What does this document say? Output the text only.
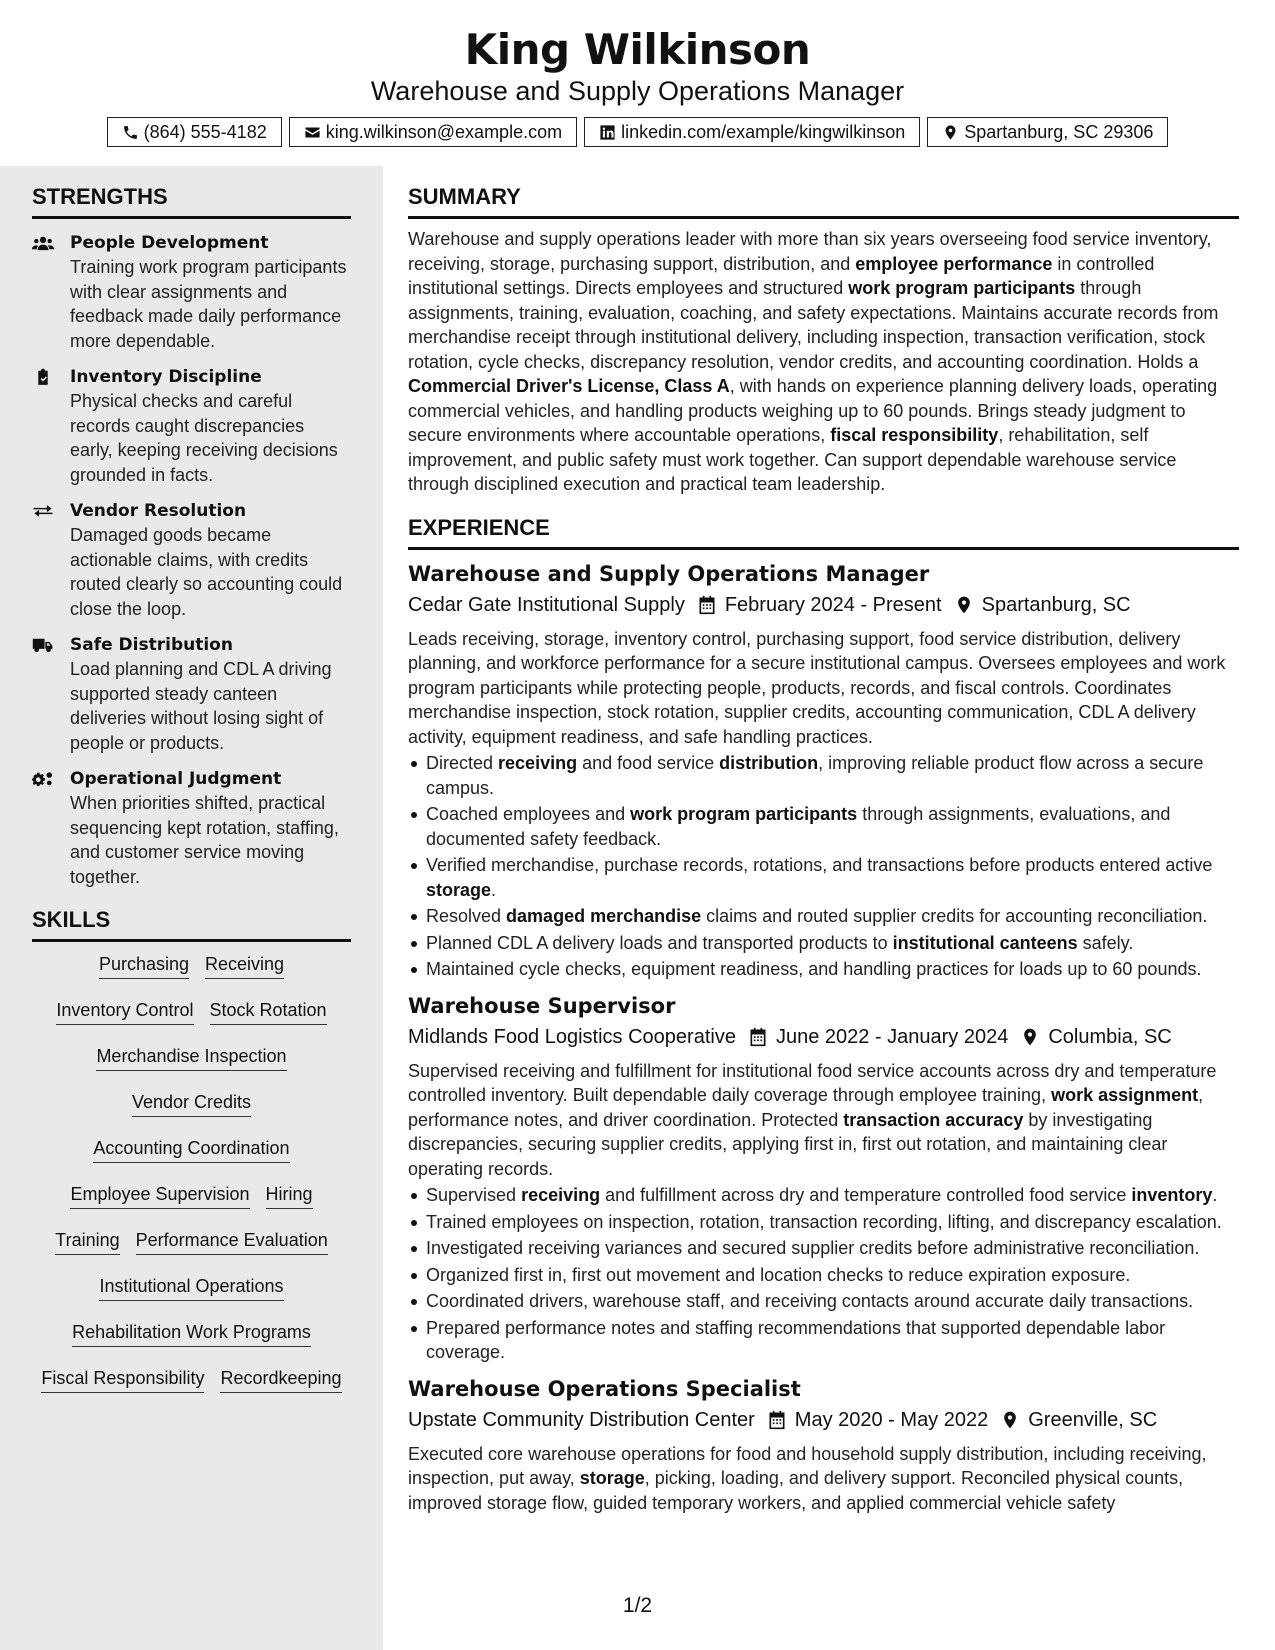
King Wilkinson
Warehouse and Supply Operations Manager
(864) 555-4182	king.wilkinson@example.com	linkedin.com/example/kingwilkinson	Spartanburg, SC 29306
STRENGTHS
People Development
Training work program participants with clear assignments and feedback made daily performance more dependable.
Inventory Discipline
Physical checks and careful records caught discrepancies early, keeping receiving decisions grounded in facts.
Vendor Resolution
Damaged goods became actionable claims, with credits routed clearly so accounting could close the loop.
Safe Distribution
Load planning and CDL A driving supported steady canteen deliveries without losing sight of people or products.
Operational Judgment
When priorities shifted, practical sequencing kept rotation, staffing, and customer service moving together.
SKILLS
Purchasing Receiving
Inventory Control Stock Rotation
Merchandise Inspection
Vendor Credits
Accounting Coordination
Employee Supervision Hiring
Training Performance Evaluation
Institutional Operations
Rehabilitation Work Programs
Fiscal Responsibility Recordkeeping
SUMMARY
Warehouse and supply operations leader with more than six years overseeing food service inventory, receiving, storage, purchasing support, distribution, and employee performance in controlled institutional settings. Directs employees and structured work program participants through assignments, training, evaluation, coaching, and safety expectations. Maintains accurate records from merchandise receipt through institutional delivery, including inspection, transaction verification, stock rotation, cycle checks, discrepancy resolution, vendor credits, and accounting coordination. Holds a Commercial Driver's License, Class A, with hands on experience planning delivery loads, operating commercial vehicles, and handling products weighing up to 60 pounds. Brings steady judgment to secure environments where accountable operations, fiscal responsibility, rehabilitation, self improvement, and public safety must work together. Can support dependable warehouse service through disciplined execution and practical team leadership.
EXPERIENCE
Warehouse and Supply Operations Manager
Cedar Gate Institutional Supply February 2024 - Present Spartanburg, SC
Leads receiving, storage, inventory control, purchasing support, food service distribution, delivery planning, and workforce performance for a secure institutional campus. Oversees employees and work program participants while protecting people, products, records, and fiscal controls. Coordinates merchandise inspection, stock rotation, supplier credits, accounting communication, CDL A delivery activity, equipment readiness, and safe handling practices.
Directed receiving and food service distribution, improving reliable product flow across a secure campus.
Coached employees and work program participants through assignments, evaluations, and documented safety feedback.
Verified merchandise, purchase records, rotations, and transactions before products entered active storage.
Resolved damaged merchandise claims and routed supplier credits for accounting reconciliation.
Planned CDL A delivery loads and transported products to institutional canteens safely.
Maintained cycle checks, equipment readiness, and handling practices for loads up to 60 pounds.
Warehouse Supervisor
Midlands Food Logistics Cooperative June 2022 - January 2024 Columbia, SC
Supervised receiving and fulfillment for institutional food service accounts across dry and temperature controlled inventory. Built dependable daily coverage through employee training, work assignment, performance notes, and driver coordination. Protected transaction accuracy by investigating discrepancies, securing supplier credits, applying first in, first out rotation, and maintaining clear operating records.
Supervised receiving and fulfillment across dry and temperature controlled food service inventory.
Trained employees on inspection, rotation, transaction recording, lifting, and discrepancy escalation.
Investigated receiving variances and secured supplier credits before administrative reconciliation.
Organized first in, first out movement and location checks to reduce expiration exposure.
Coordinated drivers, warehouse staff, and receiving contacts around accurate daily transactions.
Prepared performance notes and staffing recommendations that supported dependable labor coverage.
Warehouse Operations Specialist
Upstate Community Distribution Center May 2020 - May 2022 Greenville, SC
Executed core warehouse operations for food and household supply distribution, including receiving, inspection, put away, storage, picking, loading, and delivery support. Reconciled physical counts, improved storage flow, guided temporary workers, and applied commercial vehicle safety
1/2
